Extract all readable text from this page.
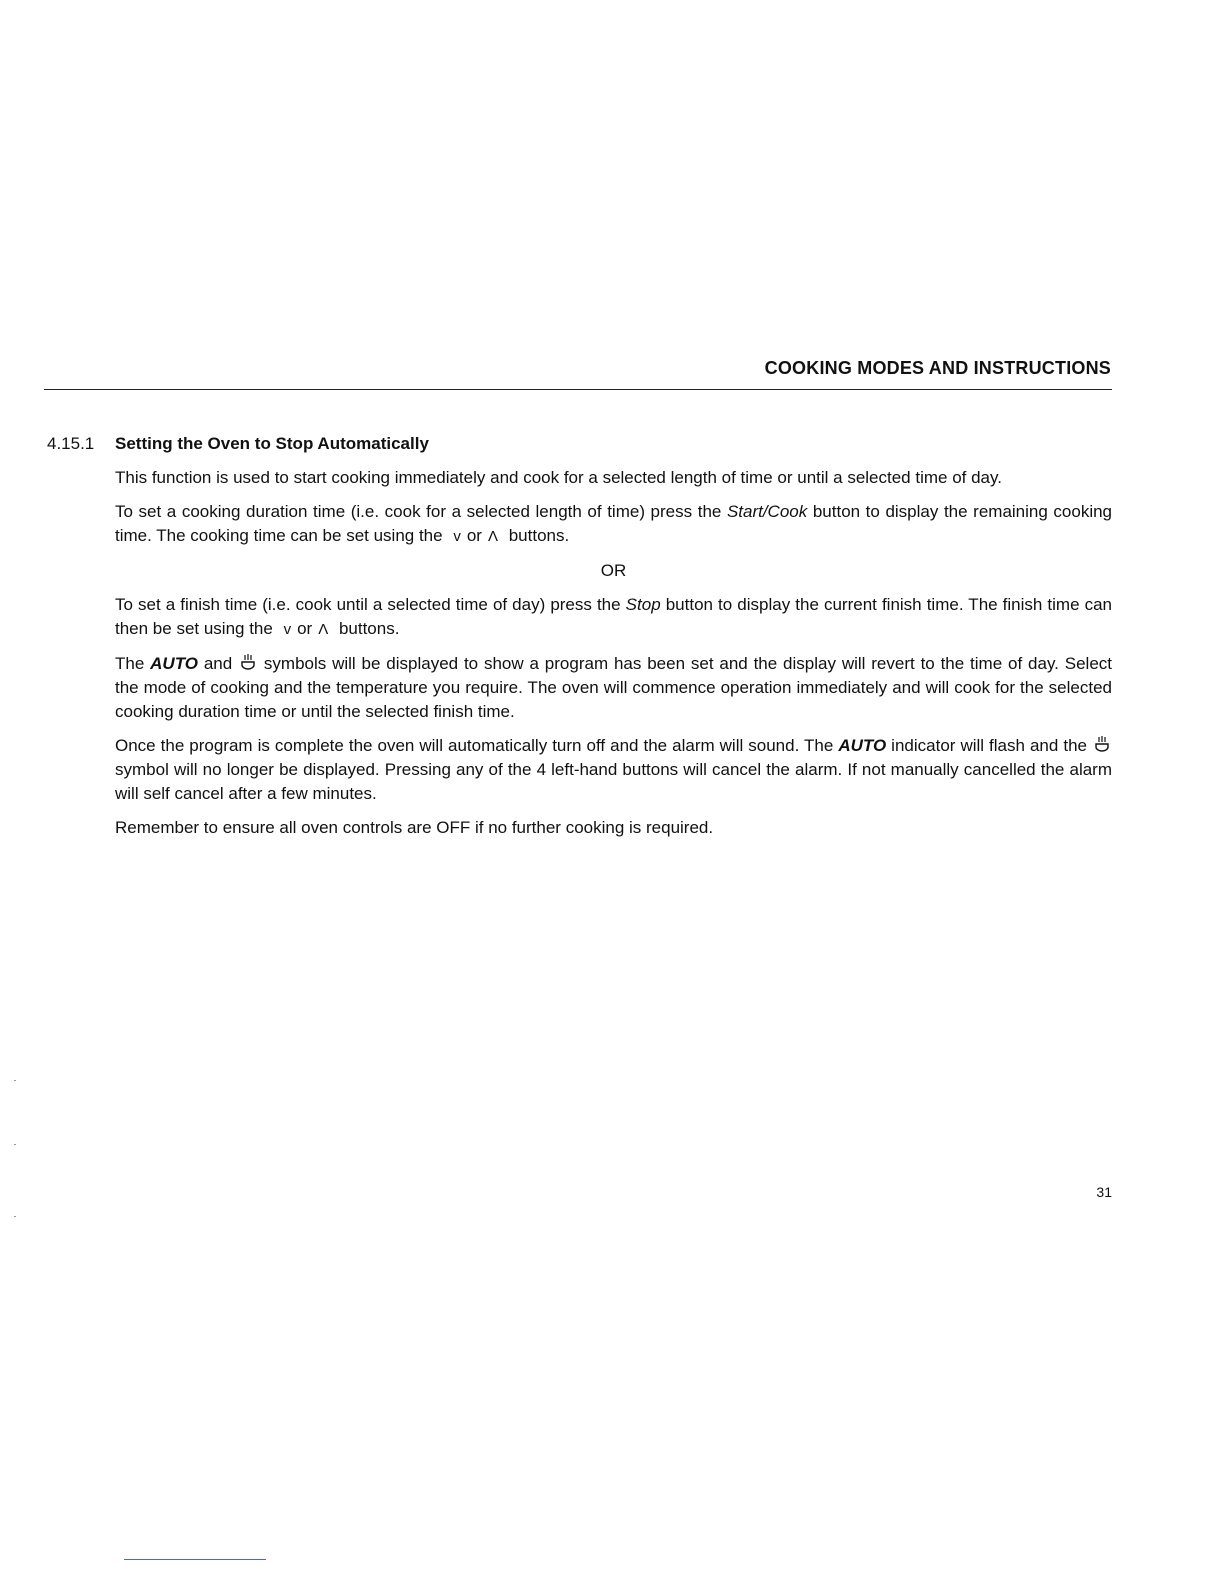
COOKING MODES AND INSTRUCTIONS
4.15.1 Setting the Oven to Stop Automatically

This function is used to start cooking immediately and cook for a selected length of time or until a selected time of day.

To set a cooking duration time (i.e. cook for a selected length of time) press the Start/Cook button to display the remaining cooking time. The cooking time can be set using the v or Λ buttons.

OR

To set a finish time (i.e. cook until a selected time of day) press the Stop button to display the current finish time. The finish time can then be set using the v or Λ buttons.

The AUTO and  symbols will be displayed to show a program has been set and the display will revert to the time of day. Select the mode of cooking and the temperature you require. The oven will commence operation immediately and will cook for the selected cooking duration time or until the selected finish time.

Once the program is complete the oven will automatically turn off and the alarm will sound. The AUTO indicator will flash and the  symbol will no longer be displayed. Pressing any of the 4 left-hand buttons will cancel the alarm. If not manually cancelled the alarm will self cancel after a few minutes.

Remember to ensure all oven controls are OFF if no further cooking is required.

31
